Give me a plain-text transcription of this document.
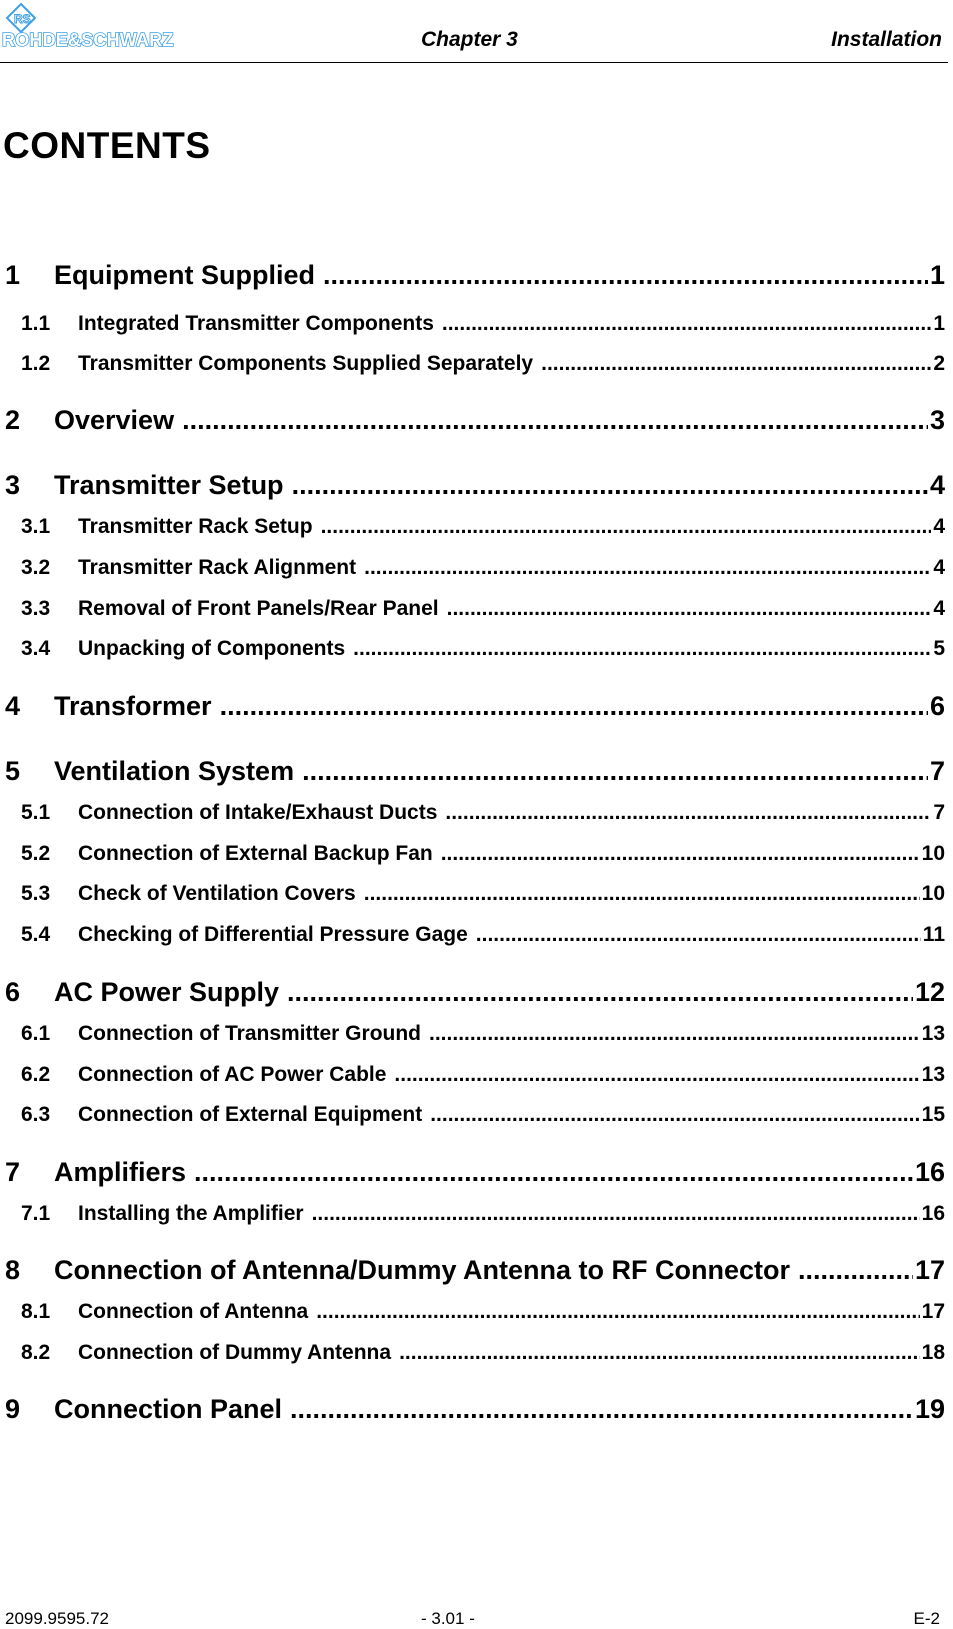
RS
ROHDE&SCHWARZ	Chapter 3	Installation
CONTENTS
1	Equipment Supplied .....	1
1.1	Integrated Transmitter Components .....	1
1.2	Transmitter Components Supplied Separately .....	2
2	Overview .....	3
3	Transmitter Setup .....	4
3.1	Transmitter Rack Setup .....	4
3.2	Transmitter Rack Alignment .....	4
3.3	Removal of Front Panels/Rear Panel .....	4
3.4	Unpacking of Components .....	5
4	Transformer .....	6
5	Ventilation System .....	7
5.1	Connection of Intake/Exhaust Ducts .....	7
5.2	Connection of External Backup Fan .....	10
5.3	Check of Ventilation Covers .....	10
5.4	Checking of Differential Pressure Gage .....	11
6	AC Power Supply .....	12
6.1	Connection of Transmitter Ground .....	13
6.2	Connection of AC Power Cable .....	13
6.3	Connection of External Equipment .....	15
7	Amplifiers .....	16
7.1	Installing the Amplifier .....	16
8	Connection of Antenna/Dummy Antenna to RF Connector .....	17
8.1	Connection of Antenna .....	17
8.2	Connection of Dummy Antenna .....	18
9	Connection Panel .....	19
2099.9595.72	- 3.01 -	E-2
